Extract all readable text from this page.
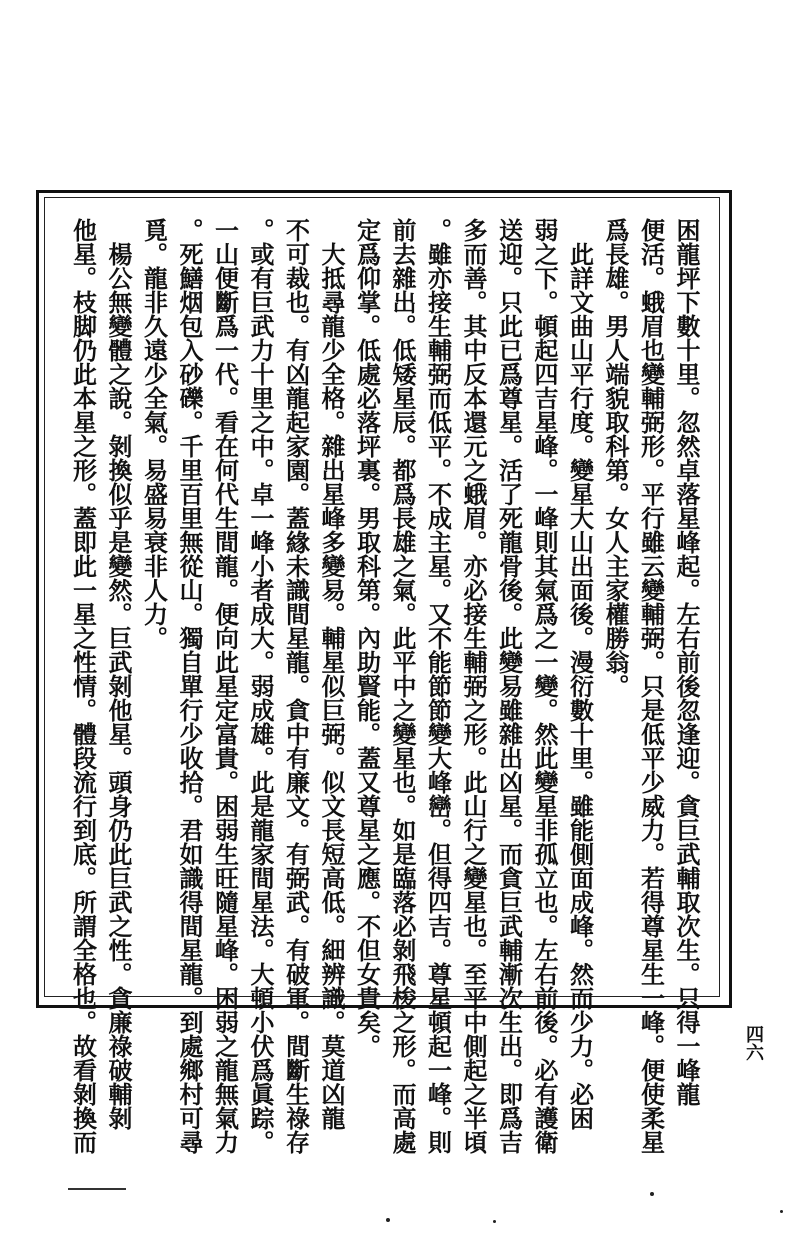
困龍坪下數十里。忽然卓落星峰起。左右前後忽逢迎。貪巨武輔取次生。只得一峰龍
便活。蛾眉也變輔弼形。平行雖云變輔弼。只是低平少威力。若得尊星生一峰。便使柔星
爲長雄。男人端貌取科第。女人主家權勝翁。
　此詳文曲山平行度。變星大山出面後。漫衍數十里。雖能側面成峰。然而少力。必困
弱之下。頓起四吉星峰。一峰則其氣爲之一變。然此變星非孤立也。左右前後。必有護衛
送迎。只此已爲尊星。活了死龍骨後。此變易雖雜出凶星。而貪巨武輔漸次生出。即爲吉
多而善。其中反本還元之蛾眉。亦必接生輔弼之形。此山行之變星也。至平中側起之半頃
。雖亦接生輔弼而低平。不成主星。又不能節節變大峰巒。但得四吉。尊星頓起一峰。則
前去雜出。低矮星辰。都爲長雄之氣。此平中之變星也。如是臨落必剝飛梭之形。而高處
定爲仰掌。低處必落坪裏。男取科第。內助賢能。蓋又尊星之應。不但女貴矣。
　大抵尋龍少全格。雜出星峰多變易。輔星似巨弼。似文長短高低。細辨識。莫道凶龍
不可裁也。有凶龍起家園。蓋緣未識間星龍。貪中有廉文。有弼武。有破軍。間斷生祿存
。或有巨武力十里之中。卓一峰小者成大。弱成雄。此是龍家間星法。大頓小伏爲眞踪。
一山便斷爲一代。看在何代生間龍。便向此星定富貴。困弱生旺隨星峰。困弱之龍無氣力
。死鱔烟包入砂礫。千里百里無從山。獨自單行少收拾。君如識得間星龍。到處鄉村可尋
覓。龍非久遠少全氣。易盛易衰非人力。
　楊公無變體之說。剝換似乎是變然。巨武剝他星。頭身仍此巨武之性。貪廉祿破輔剝
他星。枝脚仍此本星之形。蓋即此一星之性情。體段流行到底。所謂全格也。故看剝換而	四六
